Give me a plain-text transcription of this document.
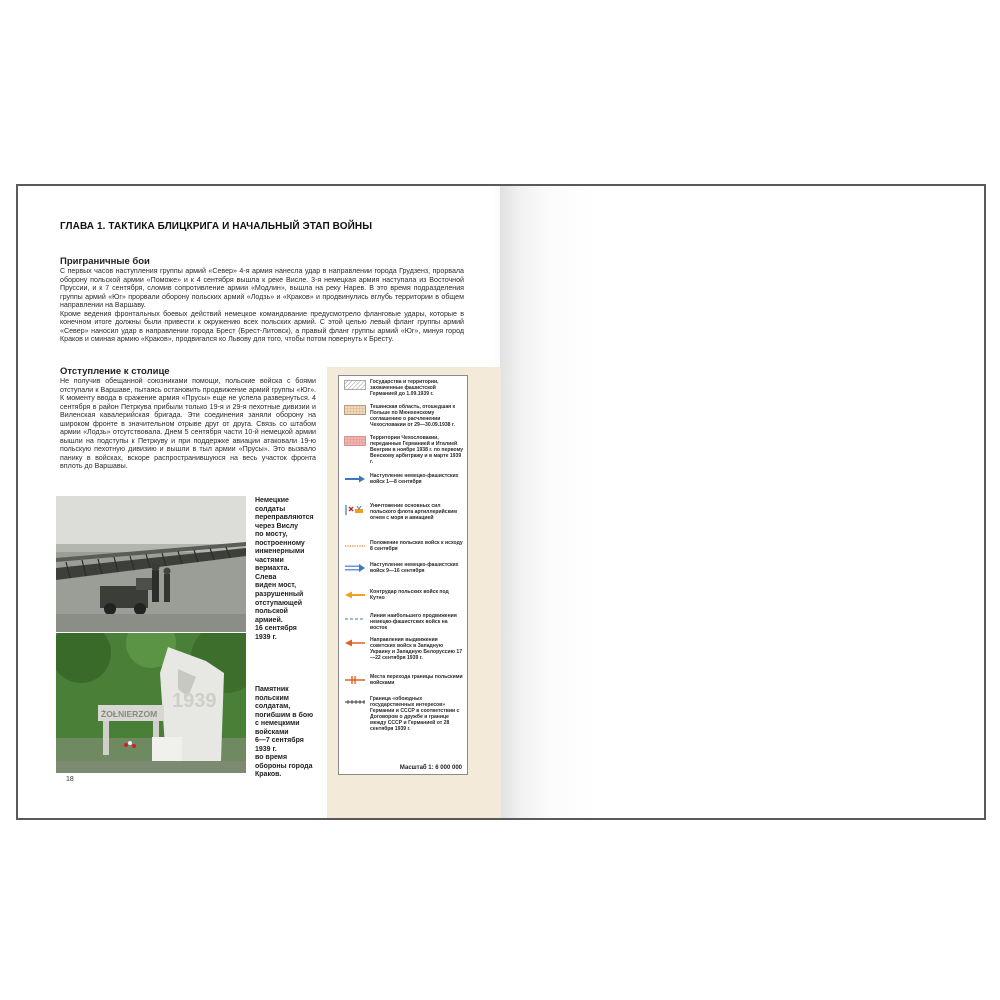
ГЛАВА 1. ТАКТИКА БЛИЦКРИГА И НАЧАЛЬНЫЙ ЭТАП ВОЙНЫ
Приграничные бои

С первых часов наступления группы армий «Север» 4-я армия нанесла удар в направлении города Грудзенз, прорвала оборону польской армии «Поможе» и к 4 сентября вышла к реке Висле. 3-я немецкая армия наступала из Восточной Пруссии, и к 7 сентября, сломив сопротивление армии «Модлин», вышла на реку Нарев. В это время подразделения группы армий «Юг» прорвали оборону польских армий «Лодзь» и «Краков» и продвинулись вглубь территории в общем направлении на Варшаву.

Кроме ведения фронтальных боевых действий немецкое командование предусмотрело фланговые удары, которые в конечном итоге должны были привести к окружению всех польских армий. С этой целью левый фланг группы армий «Север» наносил удар в направлении города Брест (Брест-Литовск), а правый фланг группы армий «Юг», минуя город Краков и сминая армию «Краков», продвигался ко Львову для того, чтобы потом повернуть к Бресту.

Отступление к столице

Не получив обещанной союзниками помощи, польские войска с боями отступали к Варшаве, пытаясь остановить продвижение армий группы «Юг». К моменту ввода в сражение армия «Прусы» еще не успела развернуться. 4 сентября в район Петркува прибыли только 19-я и 29-я пехотные дивизии и Виленская кавалерийская бригада. Эти соединения заняли оборону на широком фронте в значительном отрыве друг от друга. Связь со штабом армии «Лодзь» отсутствовала. Днем 5 сентября части 10-й немецкой армии вышли на подступы к Петркуву и при поддержке авиации атаковали 19-ю польскую пехотную дивизию и вышли в тыл армии «Прусы». Это вызвало панику в войсках, вскоре распространившуюся на весь участок фронта вплоть до Варшавы.

Немецкие
солдаты
переправляются
через Вислу
по мосту,
построенному
инженерными
частями
вермахта.
Слева
виден мост,
разрушенный
отступающей
польской
армией.
16 сентября
1939 г.
1939
ŻOŁNIERZOM
Памятник
польским
солдатам,
погибшим в бою
с немецкими
войсками
6—7 сентября
1939 г.
во время
обороны города
Краков.
18
Государства и территории, захваченные фашистской Германией до 1.09.1939 г.
Тешинская область, отошедшая к Польше по Мюнхенскому соглашению о расчленении Чехословакии от 29—30.09.1938 г.
Территории Чехословакии, переданные Германией и Италией Венгрии в ноябре 1938 г. по первому Венскому арбитражу и в марте 1939 г.
Наступление немецко-фашистских войск 1—8 сентября
Уничтожение основных сил польского флота артиллерийским огнем с моря и авиацией
Положение польских войск к исходу 8 сентября
Наступление немецко-фашистских войск 9—16 сентября
Контрудар польских войск под Кутно
Линия наибольшего продвижения немецко-фашистских войск на восток
Направления выдвижения советских войск в Западную Украину и Западную Белоруссию 17—22 сентября 1939 г.
Места перехода границы польскими войсками
Граница «обоюдных государственных интересов» Германии и СССР в соответствии с Договором о дружбе и границе между СССР и Германией от 28 сентября 1939 г.
Масштаб 1: 6 000 000
